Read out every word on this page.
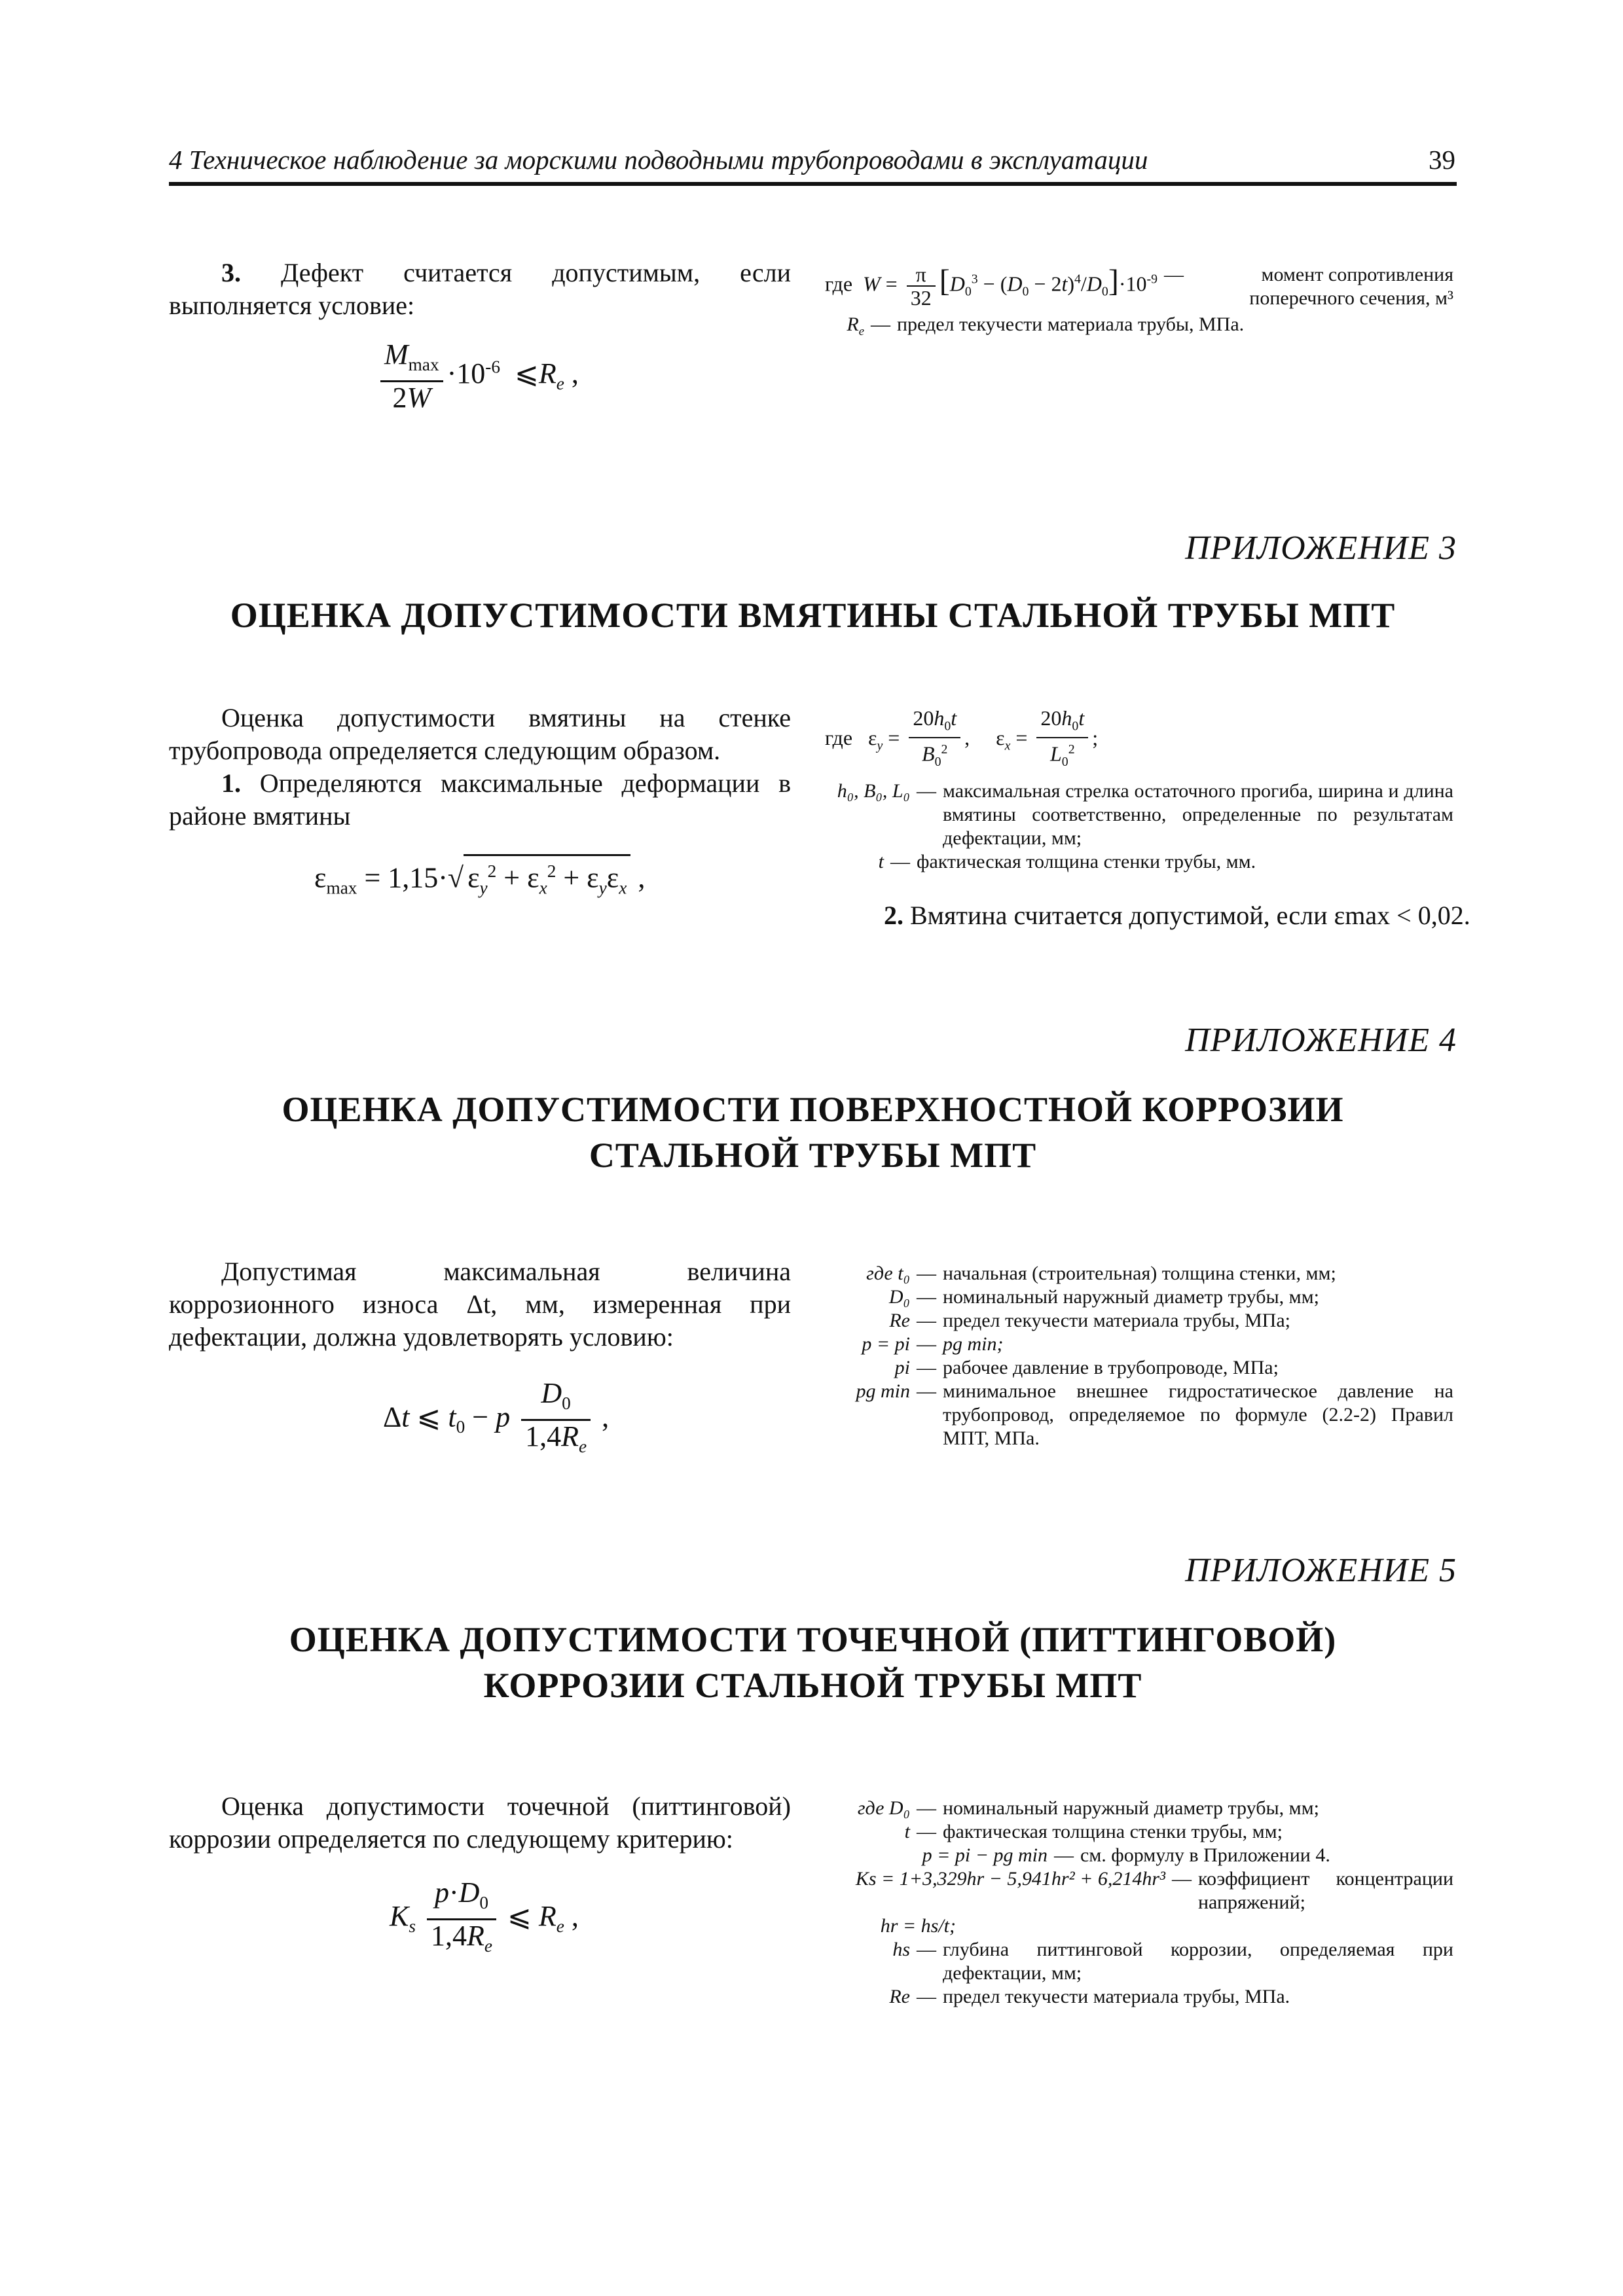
4 Техническое наблюдение за морскими подводными трубопроводами в эксплуатации	39

3. Дефект считается допустимым, если выполняется условие:

$\frac{M_{max}}{2W} \cdot 10^{-6}$  $⩽R_e$ ,
где  $W = \frac{\pi}{32} [D_0^3 - (D_0 - 2t)^4/D_0]\cdot 10^{-9}$ —	момент сопротивления поперечного сечения, м³
$R_e$ — предел текучести материала трубы, МПа.
ПРИЛОЖЕНИЕ 3
ОЦЕНКА ДОПУСТИМОСТИ ВМЯТИНЫ СТАЛЬНОЙ ТРУБЫ МПТ

Оценка допустимости вмятины на стенке трубопровода определяется следующим образом.

1. Определяются максимальные деформации в районе вмятины

$\varepsilon_{max} = 1,15\cdot√$ $\varepsilon_y^2 + \varepsilon_x^2 + \varepsilon_y\varepsilon_x$ ,
где   $\varepsilon_y = \frac{20h_0t}{B_0^2}$ ,     $\varepsilon_x = \frac{20h_0t}{L_0^2}$ ;
h₀, B₀, L₀ — максимальная стрелка остаточного прогиба, ширина и длина вмятины соответственно, определенные по результатам дефектации, мм;
t — фактическая толщина стенки трубы, мм.
2. Вмятина считается допустимой, если εmax < 0,02.
ПРИЛОЖЕНИЕ 4
ОЦЕНКА ДОПУСТИМОСТИ ПОВЕРХНОСТНОЙ КОРРОЗИИ
СТАЛЬНОЙ ТРУБЫ МПТ

Допустимая максимальная величина коррозионного износа Δt, мм, измеренная при дефектации, должна удовлетворять условию:

Δt ⩽ $t_0 - p \frac{D_0}{1,4R_e}$ ,
где t₀ — начальная (строительная) толщина стенки, мм;
D₀ — номинальный наружный диаметр трубы, мм;
Re — предел текучести материала трубы, МПа;
p = pi — pg min;
pi — рабочее давление в трубопроводе, МПа;
pg min — минимальное внешнее гидростатическое давление на трубопровод, определяемое по формуле (2.2-2) Правил МПТ, МПа.
ПРИЛОЖЕНИЕ 5
ОЦЕНКА ДОПУСТИМОСТИ ТОЧЕЧНОЙ (ПИТТИНГОВОЙ)
КОРРОЗИИ СТАЛЬНОЙ ТРУБЫ МПТ

Оценка допустимости точечной (питтинговой) коррозии определяется по следующему критерию:

$K_s \frac{p\cdot D_0}{1,4R_e}$ ⩽ $R_e$ ,
где D₀ — номинальный наружный диаметр трубы, мм;
t — фактическая толщина стенки трубы, мм;
p = pi − pg min — см. формулу в Приложении 4.
Ks = 1+3,329hr − 5,941hr² + 6,214hr³ — коэффициент концентрации напряжений;
hr = hs/t;
hs — глубина питтинговой коррозии, определяемая при дефектации, мм;
Re — предел текучести материала трубы, МПа.
